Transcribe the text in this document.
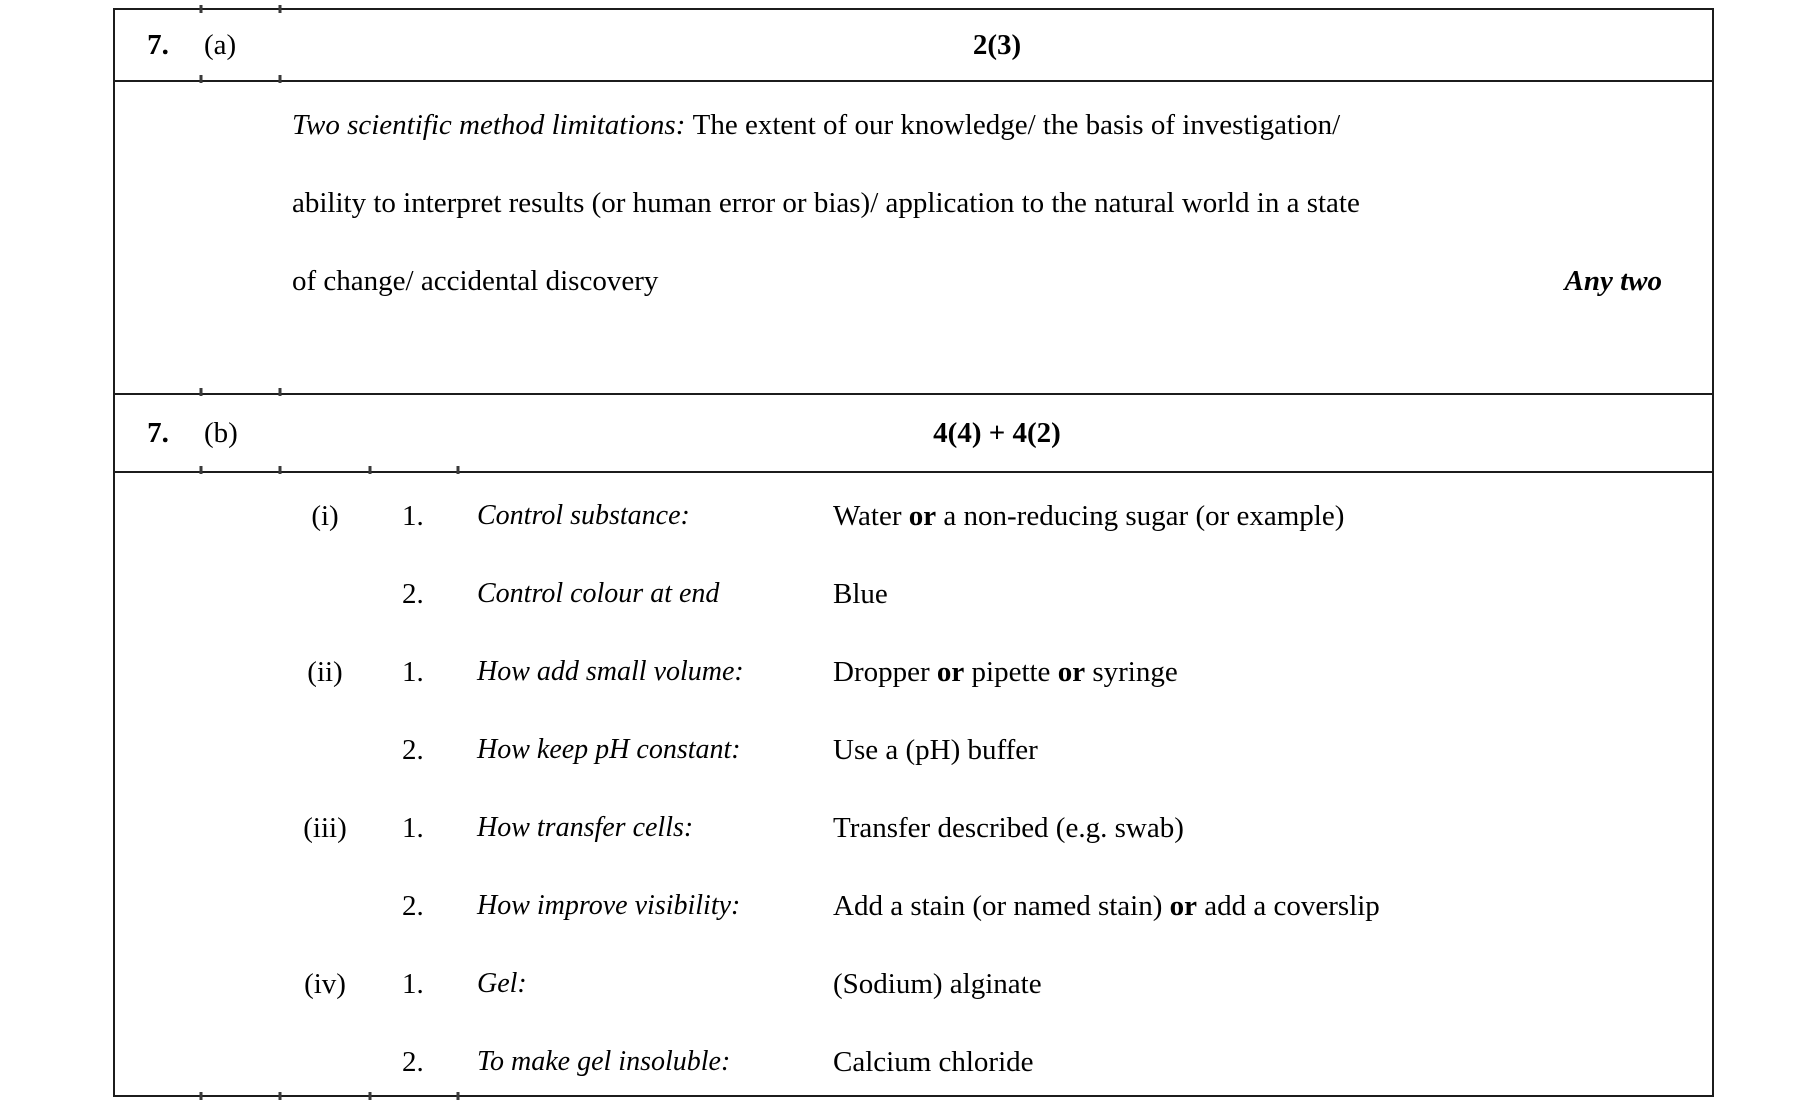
7.	(a)	2(3)
Two scientific method limitations: The extent of our knowledge/ the basis of investigation/
ability to interpret results (or human error or bias)/ application to the natural world in a state
of change/ accidental discovery	Any two
7.	(b)	4(4) + 4(2)
(i)	1.	Control substance:	Water or a non-reducing sugar (or example)
2.	Control colour at end	Blue
(ii)	1.	How add small volume:	Dropper or pipette or syringe
2.	How keep pH constant:	Use a (pH) buffer
(iii)	1.	How transfer cells:	Transfer described (e.g. swab)
2.	How improve visibility:	Add a stain (or named stain) or add a coverslip
(iv)	1.	Gel:	(Sodium) alginate
2.	To make gel insoluble:	Calcium chloride
